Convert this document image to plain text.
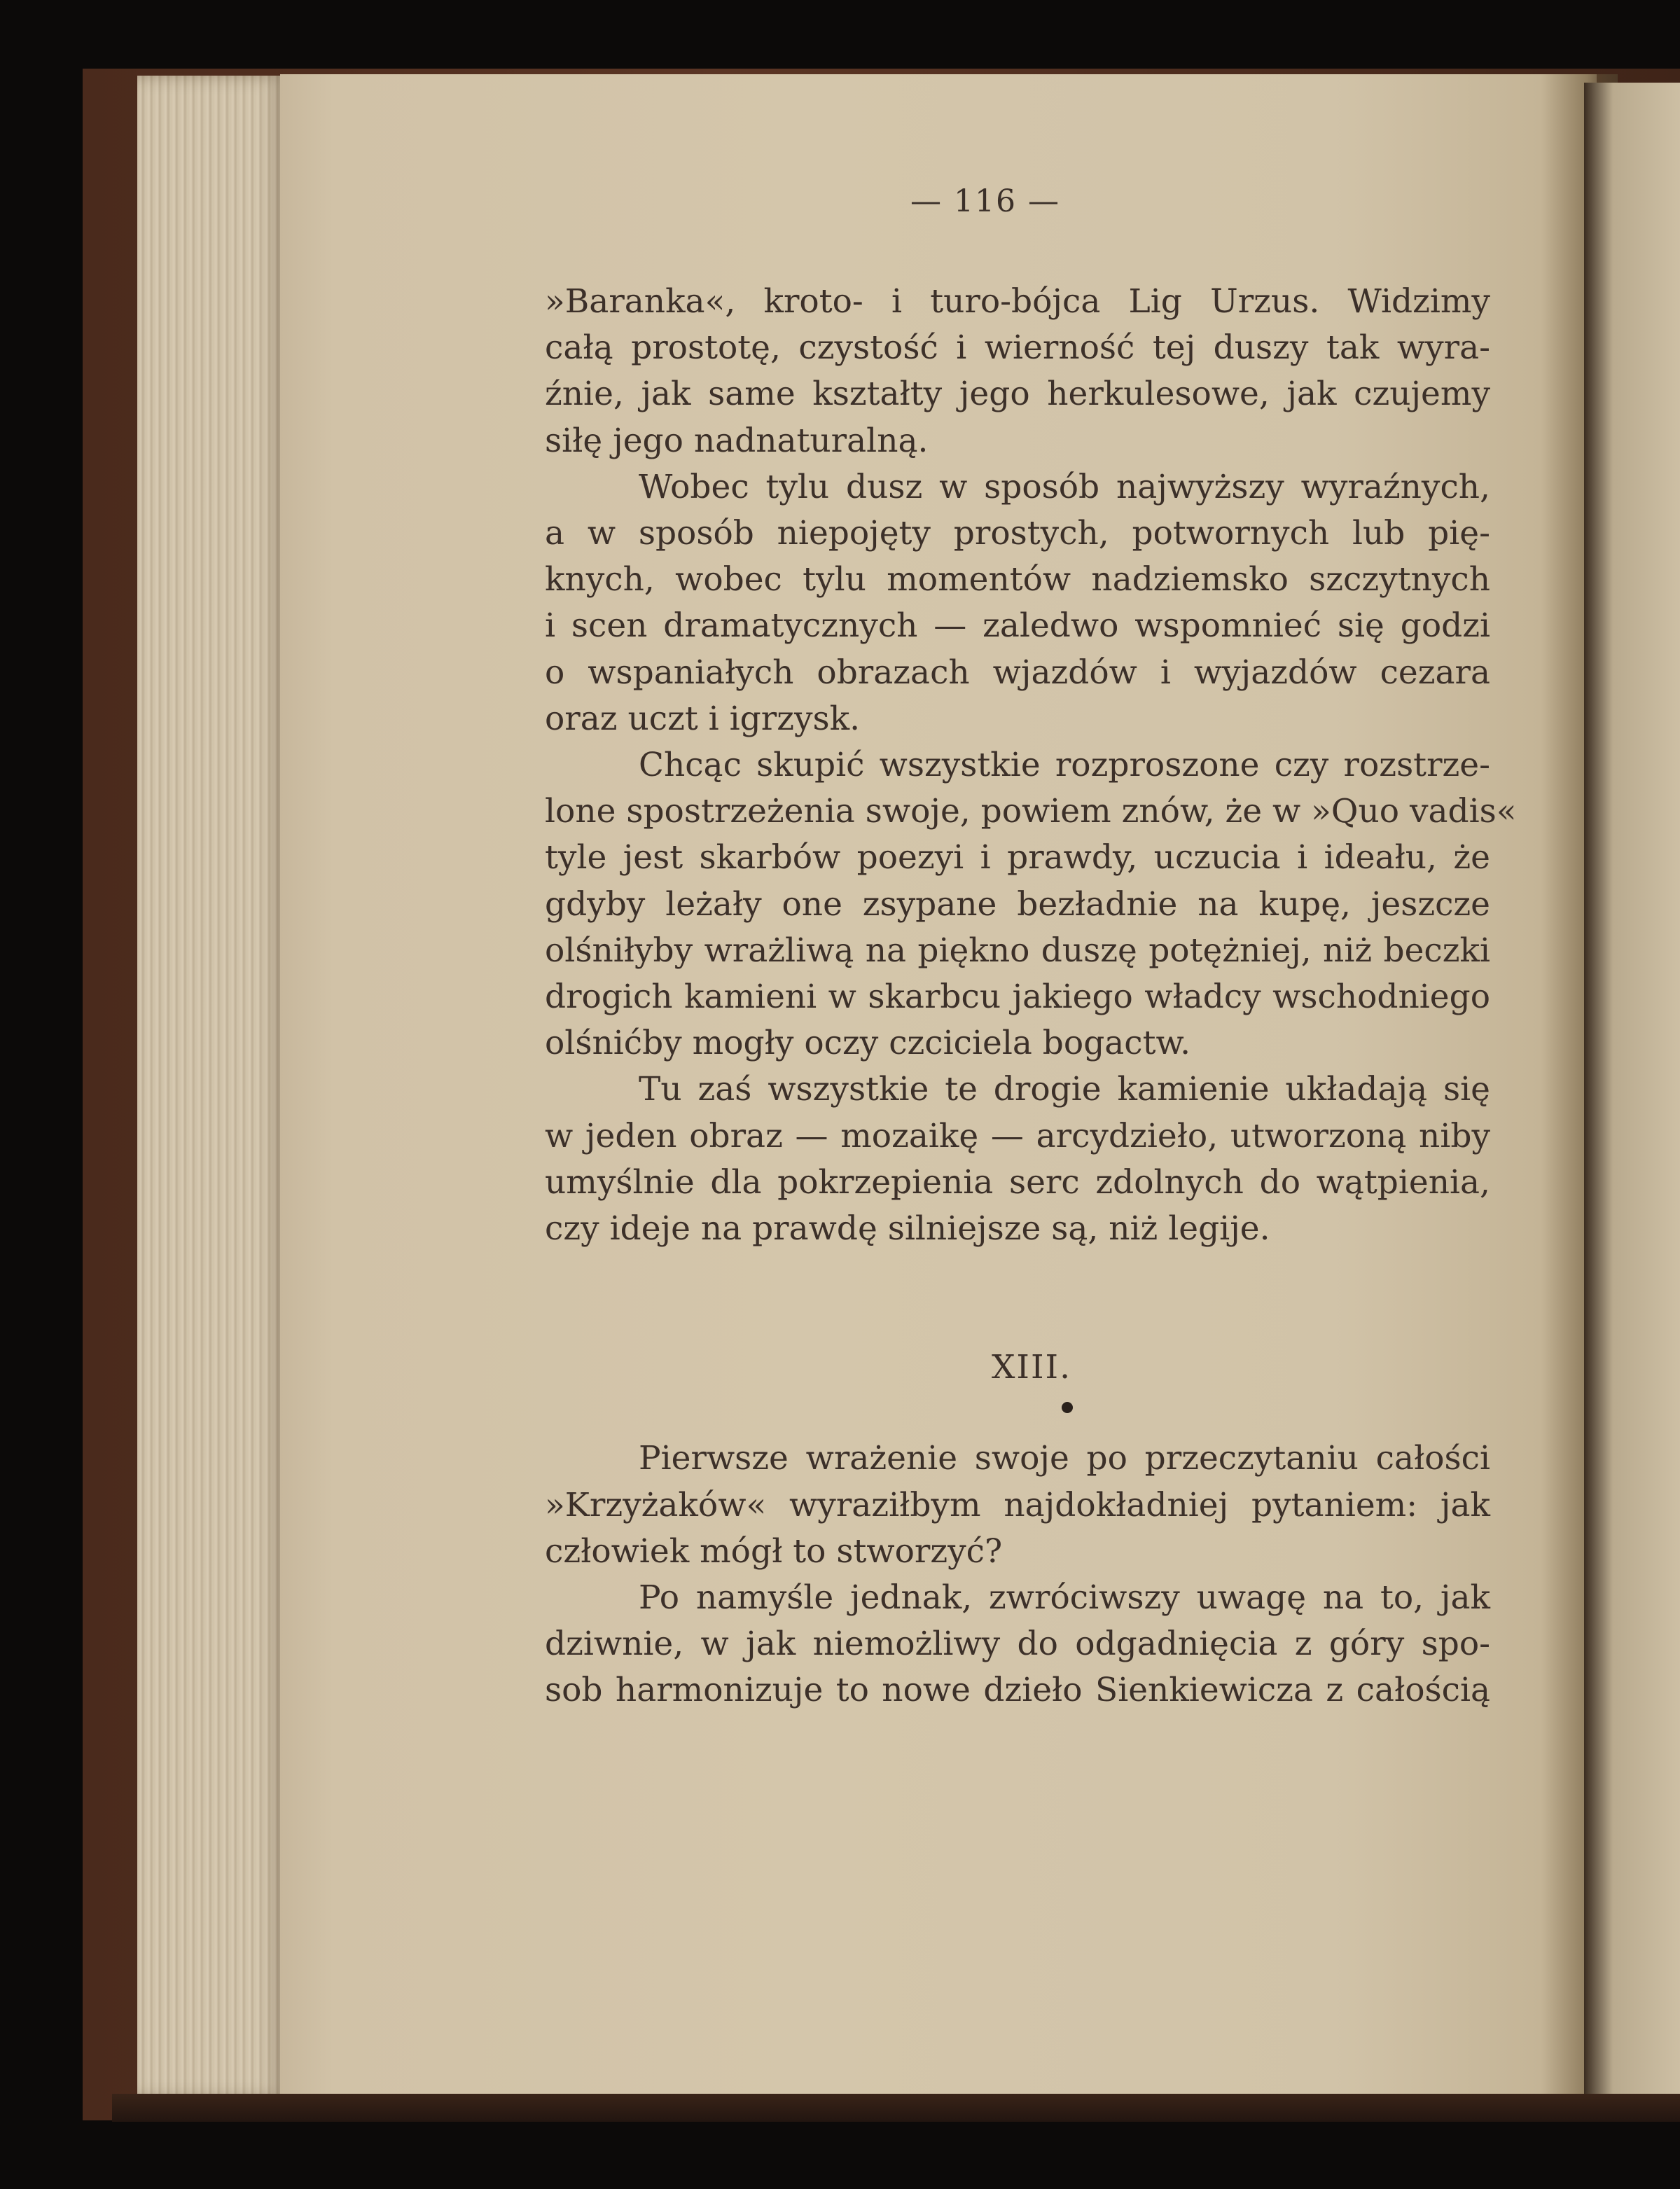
— 116 —
»Baranka«, kroto- i turo-bójca Lig Urzus. Widzimy
całą prostotę, czystość i wierność tej duszy tak wyra-
źnie, jak same kształty jego herkulesowe, jak czujemy
siłę jego nadnaturalną.
Wobec tylu dusz w sposób najwyższy wyraźnych,
a w sposób niepojęty prostych, potwornych lub pię-
knych, wobec tylu momentów nadziemsko szczytnych
i scen dramatycznych — zaledwo wspomnieć się godzi
o wspaniałych obrazach wjazdów i wyjazdów cezara
oraz uczt i igrzysk.
Chcąc skupić wszystkie rozproszone czy rozstrze-
lone spostrzeżenia swoje, powiem znów, że w »Quo vadis«
tyle jest skarbów poezyi i prawdy, uczucia i ideału, że
gdyby leżały one zsypane bezładnie na kupę, jeszcze
olśniłyby wrażliwą na piękno duszę potężniej, niż beczki
drogich kamieni w skarbcu jakiego władcy wschodniego
olśnićby mogły oczy czciciela bogactw.
Tu zaś wszystkie te drogie kamienie układają się
w jeden obraz — mozaikę — arcydzieło, utworzoną niby
umyślnie dla pokrzepienia serc zdolnych do wątpienia,
czy ideje na prawdę silniejsze są, niż legije.
XIII.
Pierwsze wrażenie swoje po przeczytaniu całości
»Krzyżaków« wyraziłbym najdokładniej pytaniem: jak
człowiek mógł to stworzyć?
Po namyśle jednak, zwróciwszy uwagę na to, jak
dziwnie, w jak niemożliwy do odgadnięcia z góry spo-
sob harmonizuje to nowe dzieło Sienkiewicza z całością
